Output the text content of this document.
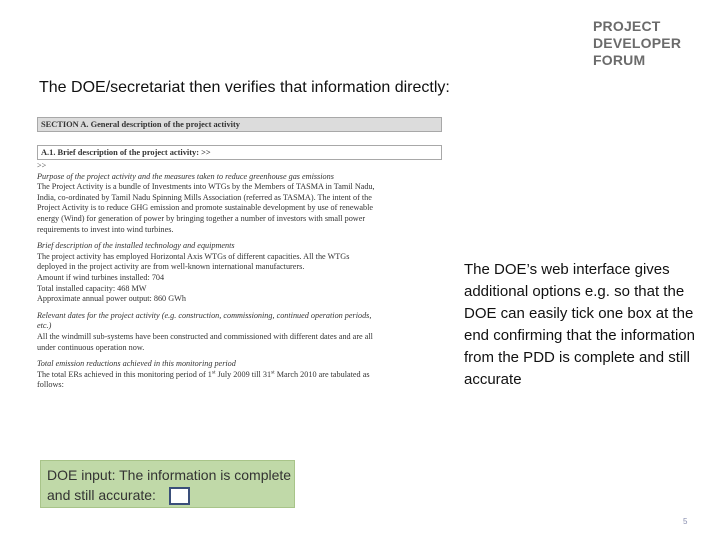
PROJECT
DEVELOPER
FORUM
The DOE/secretariat then verifies that information directly:
SECTION A. General description of the project activity
A.1. Brief description of the project activity: >>
>>
Purpose of the project activity and the measures taken to reduce greenhouse gas emissions
The Project Activity is a bundle of Investments into WTGs by the Members of TASMA in Tamil Nadu,
India, co-ordinated by Tamil Nadu Spinning Mills Association (referred as TASMA). The intent of the
Project Activity is to reduce GHG emission and promote sustainable development by use of renewable
energy (Wind) for generation of power by bringing together a number of investors with small power
requirements to invest into wind turbines.
Brief description of the installed technology and equipments
The project activity has employed Horizontal Axis WTGs of different capacities. All the WTGs
deployed in the project activity are from well-known international manufacturers.
Amount if wind turbines installed: 704
Total installed capacity: 468 MW
Approximate annual power output: 860 GWh
Relevant dates for the project activity (e.g. construction, commissioning, continued operation periods,
etc.)
All the windmill sub-systems have been constructed and commissioned with different dates and are all
under continuous operation now.
Total emission reductions achieved in this monitoring period
The total ERs achieved in this monitoring period of 1st July 2009 till 31st March 2010 are tabulated as
follows:
DOE input: The information is complete
and still accurate:
The DOE’s web interface gives additional options e.g. so that the DOE can easily tick one box at the end confirming that the information from the PDD is complete and still accurate
5
